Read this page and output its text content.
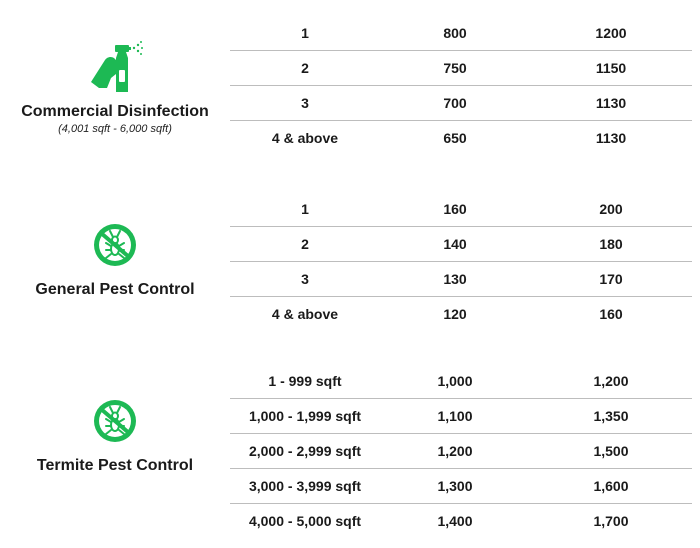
Commercial Disinfection
(4,001 sqft - 6,000 sqft)
1	800	1200
2	750	1150
3	700	1130
4 & above	650	1130
General Pest Control
1	160	200
2	140	180
3	130	170
4 & above	120	160
Termite Pest Control
1 - 999 sqft	1,000	1,200
1,000 - 1,999 sqft	1,100	1,350
2,000 - 2,999 sqft	1,200	1,500
3,000 - 3,999 sqft	1,300	1,600
4,000 - 5,000 sqft	1,400	1,700
